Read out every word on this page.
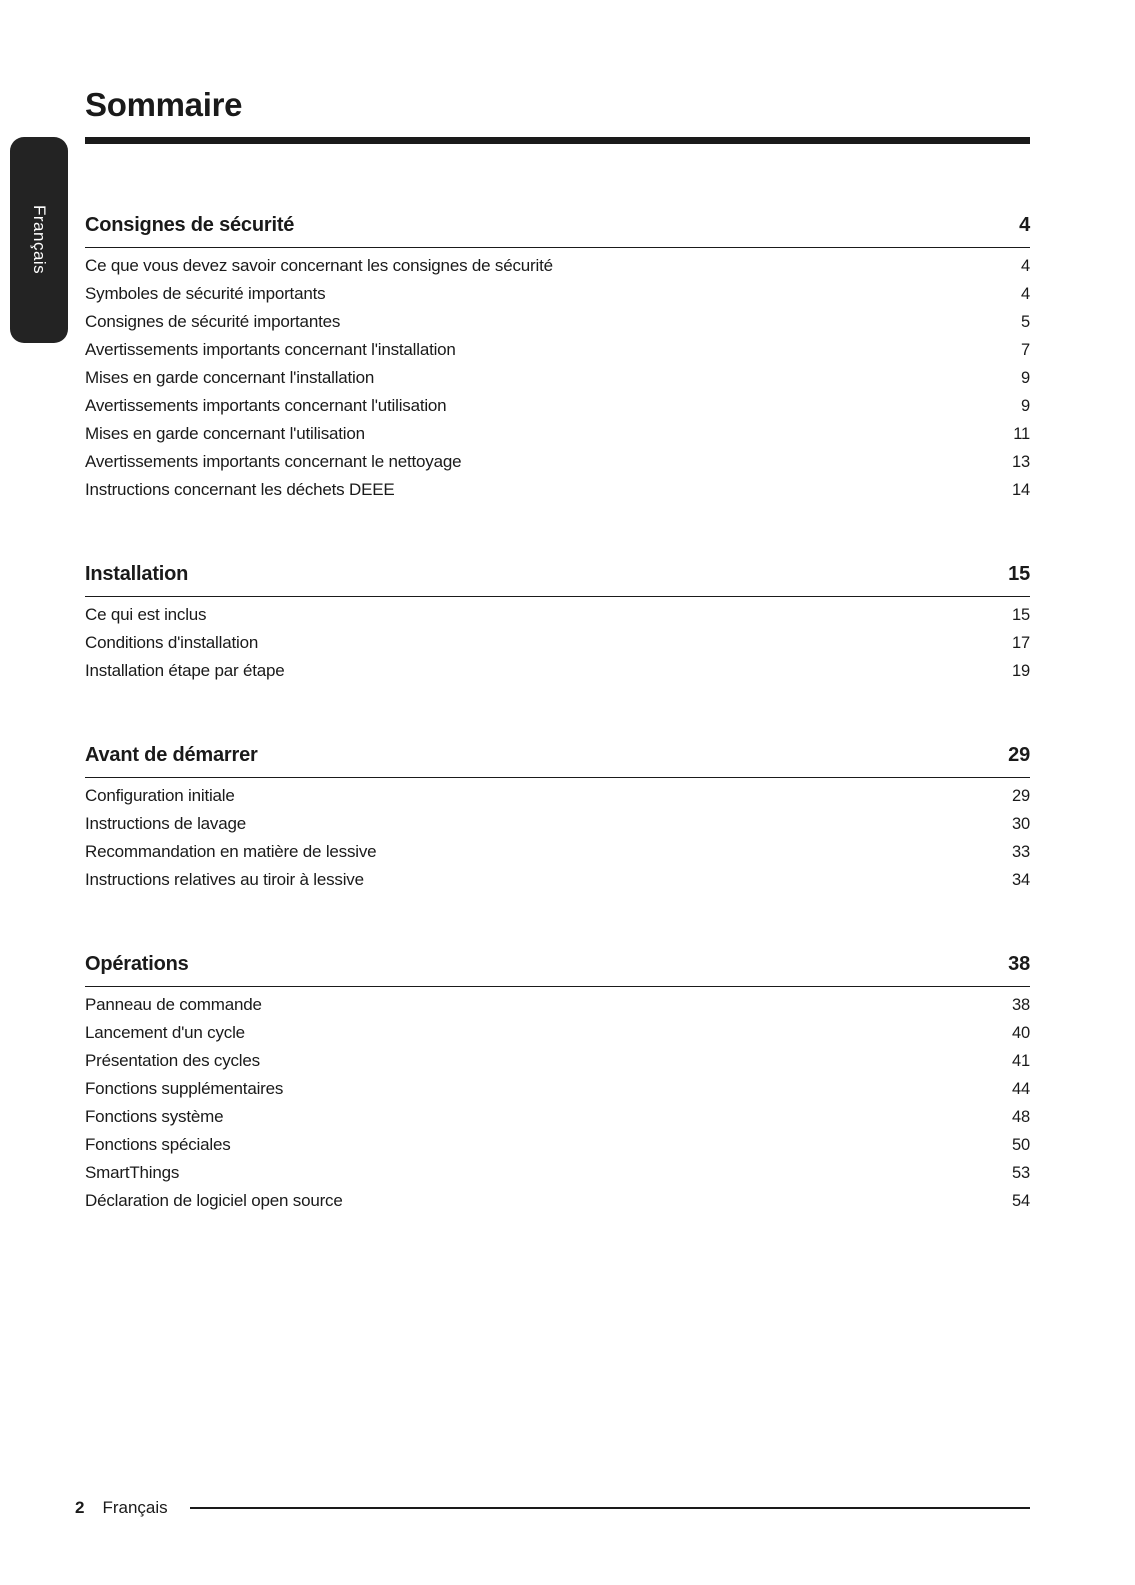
Français
Sommaire
Consignes de sécurité	4
Ce que vous devez savoir concernant les consignes de sécurité	4
Symboles de sécurité importants	4
Consignes de sécurité importantes	5
Avertissements importants concernant l'installation	7
Mises en garde concernant l'installation	9
Avertissements importants concernant l'utilisation	9
Mises en garde concernant l'utilisation	11
Avertissements importants concernant le nettoyage	13
Instructions concernant les déchets DEEE	14
Installation	15
Ce qui est inclus	15
Conditions d'installation	17
Installation étape par étape	19
Avant de démarrer	29
Configuration initiale	29
Instructions de lavage	30
Recommandation en matière de lessive	33
Instructions relatives au tiroir à lessive	34
Opérations	38
Panneau de commande	38
Lancement d'un cycle	40
Présentation des cycles	41
Fonctions supplémentaires	44
Fonctions système	48
Fonctions spéciales	50
SmartThings	53
Déclaration de logiciel open source	54
2 Français
